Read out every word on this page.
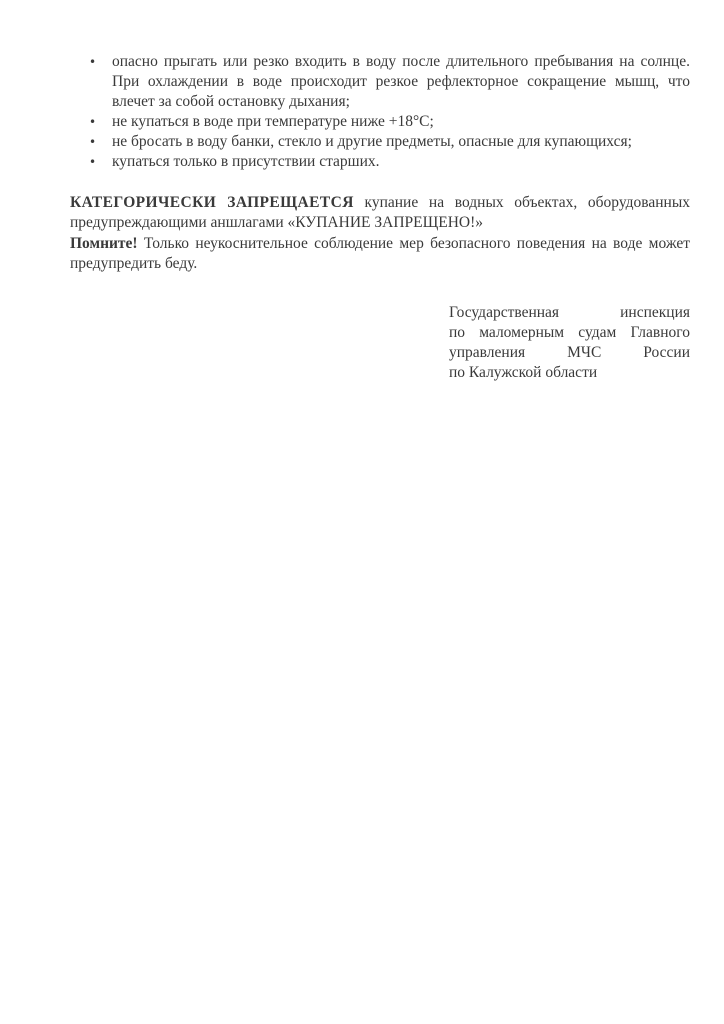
• опасно прыгать или резко входить в воду после длительного пребывания на солнце. При охлаждении в воде происходит резкое рефлекторное сокращение мышц, что влечет за собой остановку дыхания;
• не купаться в воде при температуре ниже +18°С;
• не бросать в воду банки, стекло и другие предметы, опасные для купающихся;
• купаться только в присутствии старших.

КАТЕГОРИЧЕСКИ ЗАПРЕЩАЕТСЯ купание на водных объектах, оборудованных предупреждающими аншлагами «КУПАНИЕ ЗАПРЕЩЕНО!»

Помните! Только неукоснительное соблюдение мер безопасного поведения на воде может предупредить беду.

Государственная инспекция
по маломерным судам Главного
управления МЧС России
по Калужской области
